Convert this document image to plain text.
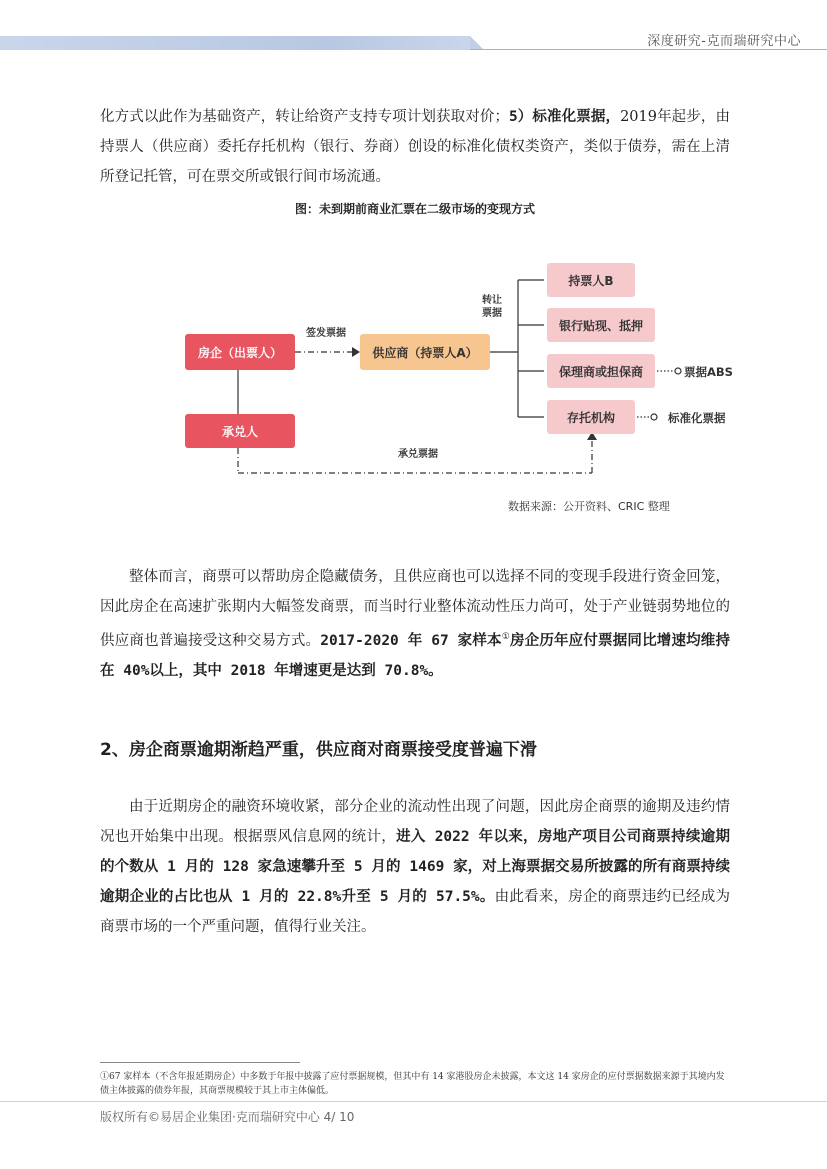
深度研究-克而瑞研究中心

化方式以此作为基础资产，转让给资产支持专项计划获取对价；5）标准化票据，2019年起步，由持票人（供应商）委托存托机构（银行、券商）创设的标准化债权类资产，类似于债券，需在上清所登记托管，可在票交所或银行间市场流通。

图：未到期前商业汇票在二级市场的变现方式
房企（出票人）
承兑人
供应商（持票人A）
持票人B
银行贴现、抵押
保理商或担保商
存托机构
签发票据
转让票据
承兑票据
票据ABS
标准化票据
数据来源：公开资料、CRIC 整理

整体而言，商票可以帮助房企隐藏债务，且供应商也可以选择不同的变现手段进行资金回笼，因此房企在高速扩张期内大幅签发商票，而当时行业整体流动性压力尚可，处于产业链弱势地位的供应商也普遍接受这种交易方式。2017-2020 年 67 家样本①房企历年应付票据同比增速均维持在 40%以上，其中 2018 年增速更是达到 70.8%。

2、房企商票逾期渐趋严重，供应商对商票接受度普遍下滑

由于近期房企的融资环境收紧，部分企业的流动性出现了问题，因此房企商票的逾期及违约情况也开始集中出现。根据票风信息网的统计，进入 2022 年以来，房地产项目公司商票持续逾期的个数从 1 月的 128 家急速攀升至 5 月的 1469 家，对上海票据交易所披露的所有商票持续逾期企业的占比也从 1 月的 22.8%升至 5 月的 57.5%。由此看来，房企的商票违约已经成为商票市场的一个严重问题，值得行业关注。

①67 家样本（不含年报延期房企）中多数于年报中披露了应付票据规模，但其中有 14 家港股房企未披露，本文这 14 家房企的应付票据数据来源于其境内发债主体披露的债券年报，其商票规模较于其上市主体偏低。

版权所有©易居企业集团·克而瑞研究中心 4/ 10
